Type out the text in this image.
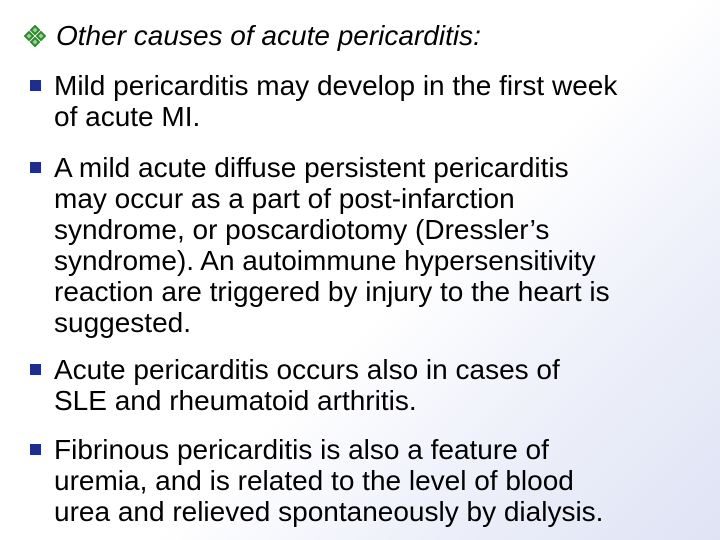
Other causes of acute pericarditis:
Mild pericarditis may develop in the first week
of acute MI.
A mild acute diffuse persistent pericarditis
may occur as a part of post-infarction
syndrome, or poscardiotomy (Dressler’s
syndrome). An autoimmune hypersensitivity
reaction are triggered by injury to the heart is
suggested.
Acute pericarditis occurs also in cases of
SLE and rheumatoid arthritis.
Fibrinous pericarditis is also a feature of
uremia, and is related to the level of blood
urea and relieved spontaneously by dialysis.
